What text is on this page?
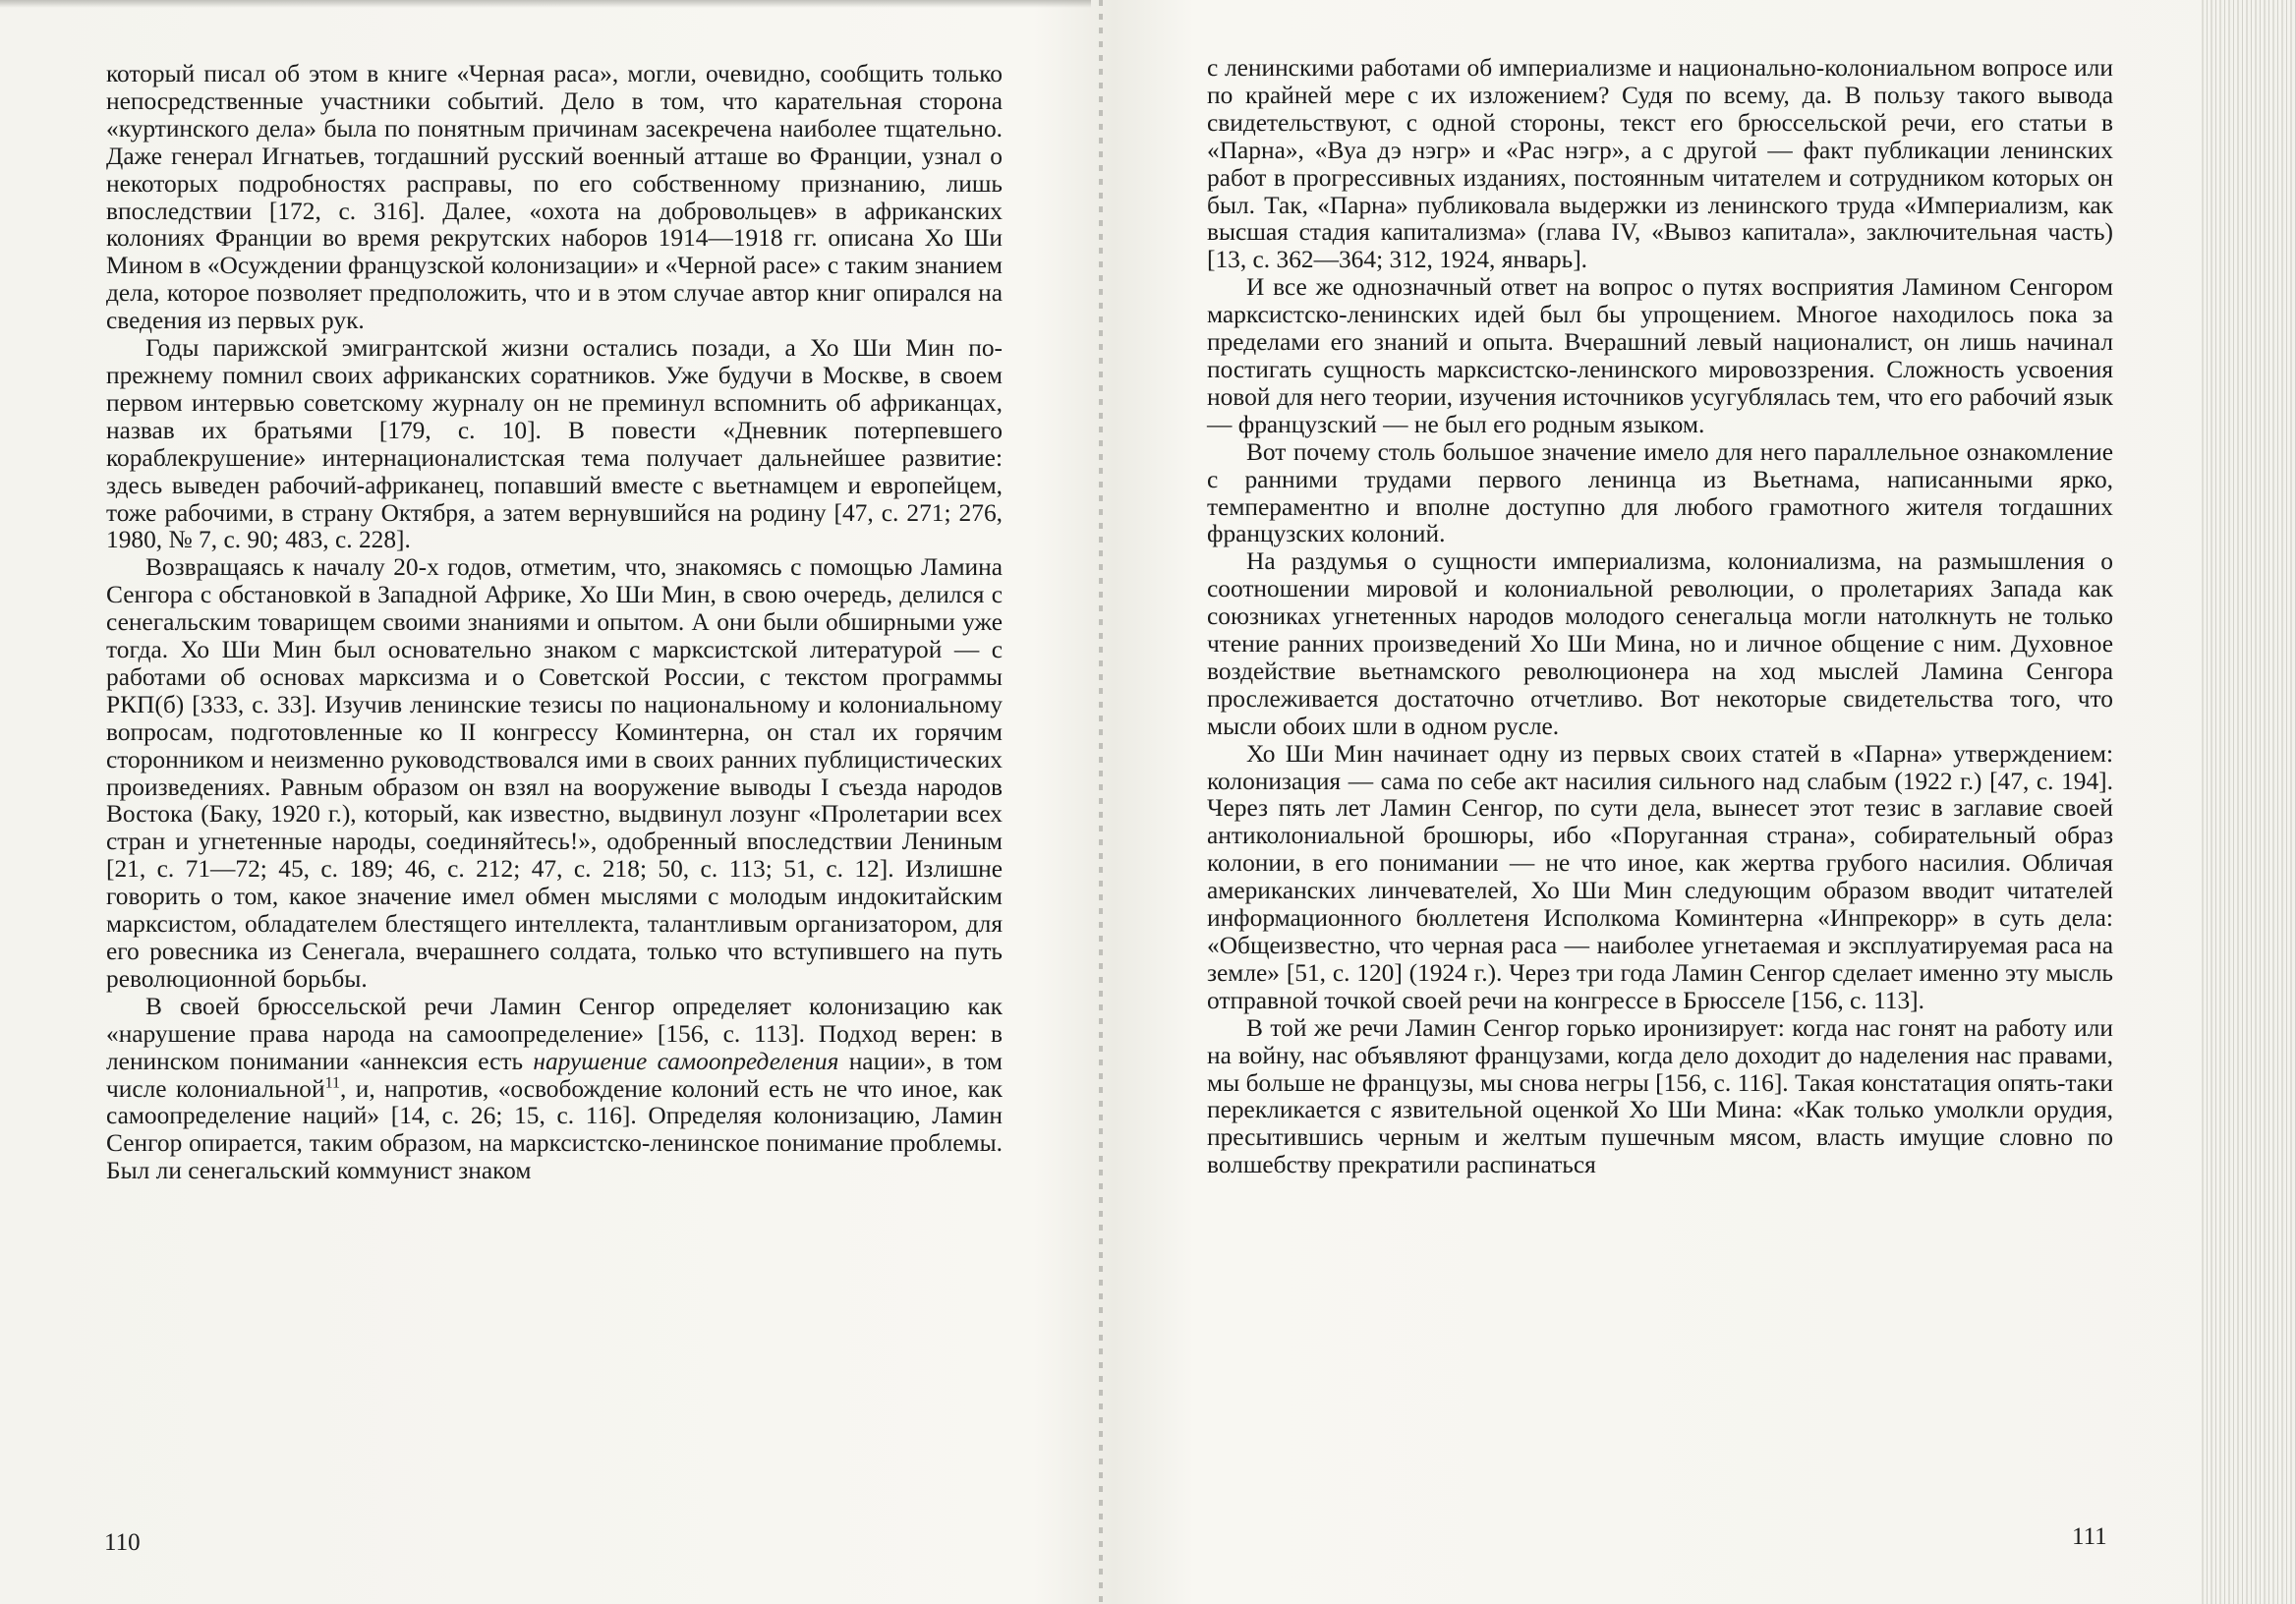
который писал об этом в книге «Черная раса», могли, очевидно, сообщить только непосредственные участники событий. Дело в том, что карательная сторона «куртинского дела» была по понятным причинам засекречена наиболее тщательно. Даже генерал Игнатьев, тогдашний русский военный атташе во Франции, узнал о некоторых подробностях расправы, по его собственному признанию, лишь впоследствии [172, с. 316]. Далее, «охота на добровольцев» в африканских колониях Франции во время рекрутских наборов 1914—1918 гг. описана Хо Ши Мином в «Осуждении французской колонизации» и «Черной расе» с таким знанием дела, которое позволяет предположить, что и в этом случае автор книг опирался на сведения из первых рук.

Годы парижской эмигрантской жизни остались позади, а Хо Ши Мин по-прежнему помнил своих африканских соратников. Уже будучи в Москве, в своем первом интервью советскому журналу он не преминул вспомнить об африканцах, назвав их братьями [179, с. 10]. В повести «Дневник потерпевшего кораблекрушение» интернационалистская тема получает дальнейшее развитие: здесь выведен рабочий-африканец, попавший вместе с вьетнамцем и европейцем, тоже рабочими, в страну Октября, а затем вернувшийся на родину [47, с. 271; 276, 1980, № 7, с. 90; 483, с. 228].

Возвращаясь к началу 20-х годов, отметим, что, знакомясь с помощью Ламина Сенгора с обстановкой в Западной Африке, Хо Ши Мин, в свою очередь, делился с сенегальским товарищем своими знаниями и опытом. А они были обширными уже тогда. Хо Ши Мин был основательно знаком с марксистской литературой — с работами об основах марксизма и о Советской России, с текстом программы РКП(б) [333, с. 33]. Изучив ленинские тезисы по национальному и колониальному вопросам, подготовленные ко II конгрессу Коминтерна, он стал их горячим сторонником и неизменно руководствовался ими в своих ранних публицистических произведениях. Равным образом он взял на вооружение выводы I съезда народов Востока (Баку, 1920 г.), который, как известно, выдвинул лозунг «Пролетарии всех стран и угнетенные народы, соединяйтесь!», одобренный впоследствии Лениным [21, с. 71—72; 45, с. 189; 46, с. 212; 47, с. 218; 50, с. 113; 51, с. 12]. Излишне говорить о том, какое значение имел обмен мыслями с молодым индокитайским марксистом, обладателем блестящего интеллекта, талантливым организатором, для его ровесника из Сенегала, вчерашнего солдата, только что вступившего на путь революционной борьбы.

В своей брюссельской речи Ламин Сенгор определяет колонизацию как «нарушение права народа на самоопределение» [156, с. 113]. Подход верен: в ленинском понимании «аннексия есть нарушение самоопределения нации», в том числе колониальной$^{11}$, и, напротив, «освобождение колоний есть не что иное, как самоопределение наций» [14, с. 26; 15, с. 116]. Определяя колонизацию, Ламин Сенгор опирается, таким образом, на марксистско-ленинское понимание проблемы. Был ли сенегальский коммунист знаком

110

с ленинскими работами об империализме и национально-колониальном вопросе или по крайней мере с их изложением? Судя по всему, да. В пользу такого вывода свидетельствуют, с одной стороны, текст его брюссельской речи, его статьи в «Парна», «Вуа дэ нэгр» и «Рас нэгр», а с другой — факт публикации ленинских работ в прогрессивных изданиях, постоянным читателем и сотрудником которых он был. Так, «Парна» публиковала выдержки из ленинского труда «Империализм, как высшая стадия капитализма» (глава IV, «Вывоз капитала», заключительная часть) [13, с. 362—364; 312, 1924, январь].

И все же однозначный ответ на вопрос о путях восприятия Ламином Сенгором марксистско-ленинских идей был бы упрощением. Многое находилось пока за пределами его знаний и опыта. Вчерашний левый националист, он лишь начинал постигать сущность марксистско-ленинского мировоззрения. Сложность усвоения новой для него теории, изучения источников усугублялась тем, что его рабочий язык — французский — не был его родным языком.

Вот почему столь большое значение имело для него параллельное ознакомление с ранними трудами первого ленинца из Вьетнама, написанными ярко, темпераментно и вполне доступно для любого грамотного жителя тогдашних французских колоний.

На раздумья о сущности империализма, колониализма, на размышления о соотношении мировой и колониальной революции, о пролетариях Запада как союзниках угнетенных народов молодого сенегальца могли натолкнуть не только чтение ранних произведений Хо Ши Мина, но и личное общение с ним. Духовное воздействие вьетнамского революционера на ход мыслей Ламина Сенгора прослеживается достаточно отчетливо. Вот некоторые свидетельства того, что мысли обоих шли в одном русле.

Хо Ши Мин начинает одну из первых своих статей в «Парна» утверждением: колонизация — сама по себе акт насилия сильного над слабым (1922 г.) [47, с. 194]. Через пять лет Ламин Сенгор, по сути дела, вынесет этот тезис в заглавие своей антиколониальной брошюры, ибо «Поруганная страна», собирательный образ колонии, в его понимании — не что иное, как жертва грубого насилия. Обличая американских линчевателей, Хо Ши Мин следующим образом вводит читателей информационного бюллетеня Исполкома Коминтерна «Инпрекорр» в суть дела: «Общеизвестно, что черная раса — наиболее угнетаемая и эксплуатируемая раса на земле» [51, с. 120] (1924 г.). Через три года Ламин Сенгор сделает именно эту мысль отправной точкой своей речи на конгрессе в Брюсселе [156, с. 113].

В той же речи Ламин Сенгор горько иронизирует: когда нас гонят на работу или на войну, нас объявляют французами, когда дело доходит до наделения нас правами, мы больше не французы, мы снова негры [156, с. 116]. Такая констатация опять-таки перекликается с язвительной оценкой Хо Ши Мина: «Как только умолкли орудия, пресытившись черным и желтым пушечным мясом, власть имущие словно по волшебству прекратили распинаться

111
